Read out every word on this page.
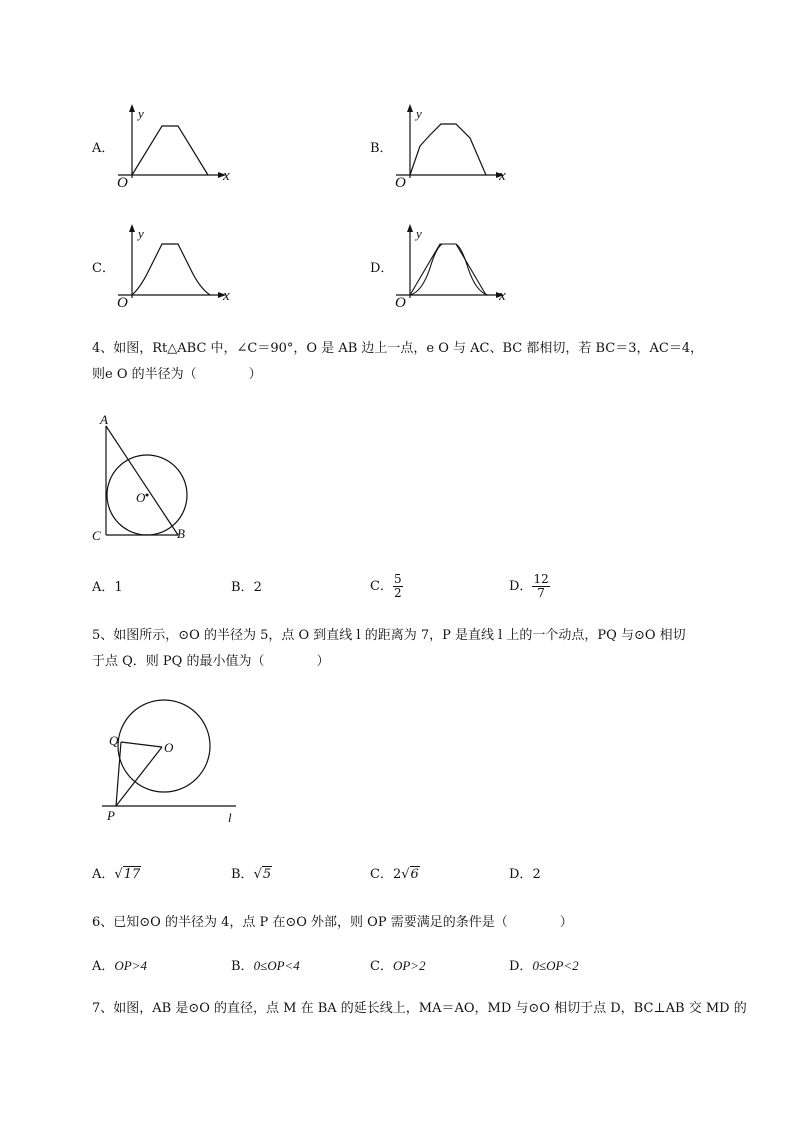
A．
y
x
O
B．
y
x
O
C．
y
x
O
D．
y
x
O
4、如图，Rt△ABC 中，∠C＝90°，O 是 AB 边上一点，e O 与 AC、BC 都相切，若 BC＝3，AC＝4，
则e O 的半径为（　　　　）
A
C	B
O
A．1	B．2	C． $\frac{5}{2}$	D． $\frac{12}{7}$
5、如图所示，⊙O 的半径为 5，点 O 到直线 l 的距离为 7，P 是直线 l 上的一个动点，PQ 与⊙O 相切
于点 Q．则 PQ 的最小值为（　　　　）
Q	O
P	l
A．√17	B．√5	C．2√6	D．2
6、已知⊙O 的半径为 4，点 P 在⊙O 外部，则 OP 需要满足的条件是（　　　　）
A．OP>4	B．0≤OP<4	C．OP>2	D．0≤OP<2
7、如图，AB 是⊙O 的直径，点 M 在 BA 的延长线上，MA＝AO，MD 与⊙O 相切于点 D，BC⊥AB 交 MD 的
